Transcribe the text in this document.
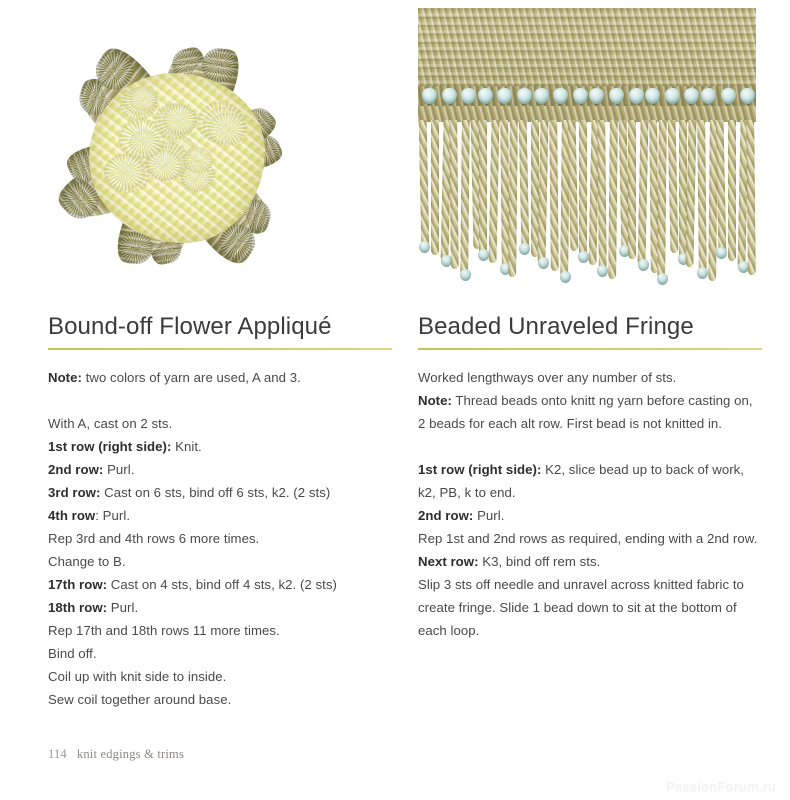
Bound-off Flower Appliqué

Note: two colors of yarn are used, A and 3.

With A, cast on 2 sts.

1st row (right side): Knit.

2nd row: Purl.

3rd row: Cast on 6 sts, bind off 6 sts, k2. (2 sts)

4th row: Purl.

Rep 3rd and 4th rows 6 more times.

Change to B.

17th row: Cast on 4 sts, bind off 4 sts, k2. (2 sts)

18th row: Purl.

Rep 17th and 18th rows 11 more times.

Bind off.

Coil up with knit side to inside.

Sew coil together around base.

Beaded Unraveled Fringe

Worked lengthways over any number of sts.

Note: Thread beads onto knitt ng yarn before casting on,

2 beads for each alt row. First bead is not knitted in.

1st row (right side): K2, slice bead up to back of work,

k2, PB, k to end.

2nd row: Purl.

Rep 1st and 2nd rows as required, ending with a 2nd row.

Next row: K3, bind off rem sts.

Slip 3 sts off needle and unravel across knitted fabric to

create fringe. Slide 1 bead down to sit at the bottom of

each loop.

114 knit edgings & trims
PassionForum.ru
